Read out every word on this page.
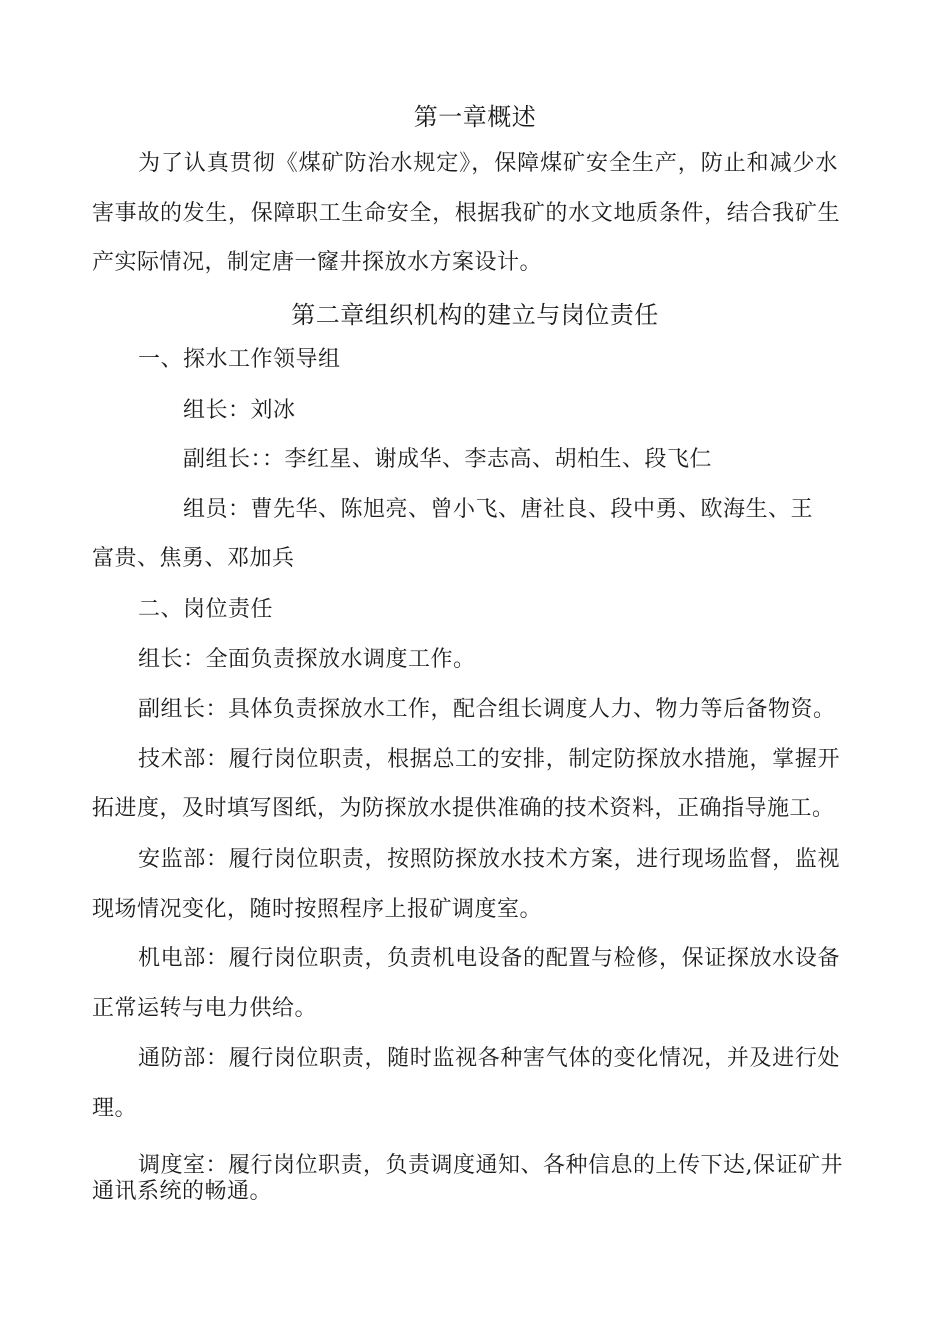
第一章概述
为了认真贯彻《煤矿防治水规定》，保障煤矿安全生产，防止和减少水
害事故的发生，保障职工生命安全，根据我矿的水文地质条件，结合我矿生
产实际情况，制定唐一窿井探放水方案设计。
第二章组织机构的建立与岗位责任
一、探水工作领导组
组长：刘冰
副组长：：李红星、谢成华、李志高、胡柏生、段飞仁
组员：曹先华、陈旭亮、曾小飞、唐社良、段中勇、欧海生、王
富贵、焦勇、邓加兵
二、岗位责任
组长：全面负责探放水调度工作。
副组长：具体负责探放水工作，配合组长调度人力、物力等后备物资。
技术部：履行岗位职责，根据总工的安排，制定防探放水措施，掌握开
拓进度，及时填写图纸，为防探放水提供准确的技术资料，正确指导施工。
安监部：履行岗位职责，按照防探放水技术方案，进行现场监督，监视
现场情况变化，随时按照程序上报矿调度室。
机电部：履行岗位职责，负责机电设备的配置与检修，保证探放水设备
正常运转与电力供给。
通防部：履行岗位职责，随时监视各种害气体的变化情况，并及进行处
理。
调度室：履行岗位职责，负责调度通知、各种信息的上传下达,保证矿井
通讯系统的畅通。
